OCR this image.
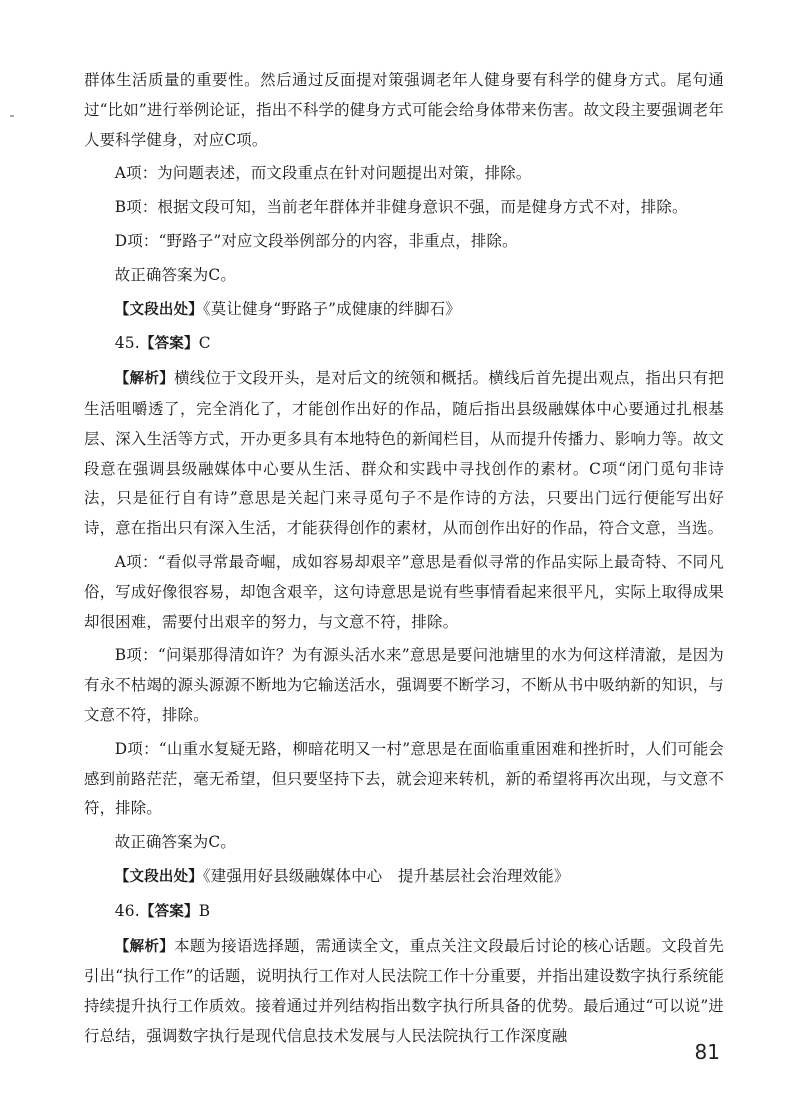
群体生活质量的重要性。然后通过反面提对策强调老年人健身要有科学的健身方式。尾句通过“比如”进行举例论证，指出不科学的健身方式可能会给身体带来伤害。故文段主要强调老年人要科学健身，对应C项。

A项：为问题表述，而文段重点在针对问题提出对策，排除。

B项：根据文段可知，当前老年群体并非健身意识不强，而是健身方式不对，排除。

D项：“野路子”对应文段举例部分的内容，非重点，排除。

故正确答案为C。

【文段出处】《莫让健身“野路子”成健康的绊脚石》

45.【答案】C

【解析】横线位于文段开头，是对后文的统领和概括。横线后首先提出观点，指出只有把生活咀嚼透了，完全消化了，才能创作出好的作品，随后指出县级融媒体中心要通过扎根基层、深入生活等方式，开办更多具有本地特色的新闻栏目，从而提升传播力、影响力等。故文段意在强调县级融媒体中心要从生活、群众和实践中寻找创作的素材。C项“闭门觅句非诗法，只是征行自有诗”意思是关起门来寻觅句子不是作诗的方法，只要出门远行便能写出好诗，意在指出只有深入生活，才能获得创作的素材，从而创作出好的作品，符合文意，当选。

A项：“看似寻常最奇崛，成如容易却艰辛”意思是看似寻常的作品实际上最奇特、不同凡俗，写成好像很容易，却饱含艰辛，这句诗意思是说有些事情看起来很平凡，实际上取得成果却很困难，需要付出艰辛的努力，与文意不符，排除。

B项：“问渠那得清如许？为有源头活水来”意思是要问池塘里的水为何这样清澈，是因为有永不枯竭的源头源源不断地为它输送活水，强调要不断学习，不断从书中吸纳新的知识，与文意不符，排除。

D项：“山重水复疑无路，柳暗花明又一村”意思是在面临重重困难和挫折时，人们可能会感到前路茫茫，毫无希望，但只要坚持下去，就会迎来转机，新的希望将再次出现，与文意不符，排除。

故正确答案为C。

【文段出处】《建强用好县级融媒体中心　提升基层社会治理效能》

46.【答案】B

【解析】本题为接语选择题，需通读全文，重点关注文段最后讨论的核心话题。文段首先引出“执行工作”的话题，说明执行工作对人民法院工作十分重要，并指出建设数字执行系统能持续提升执行工作质效。接着通过并列结构指出数字执行所具备的优势。最后通过“可以说”进行总结，强调数字执行是现代信息技术发展与人民法院执行工作深度融

81
